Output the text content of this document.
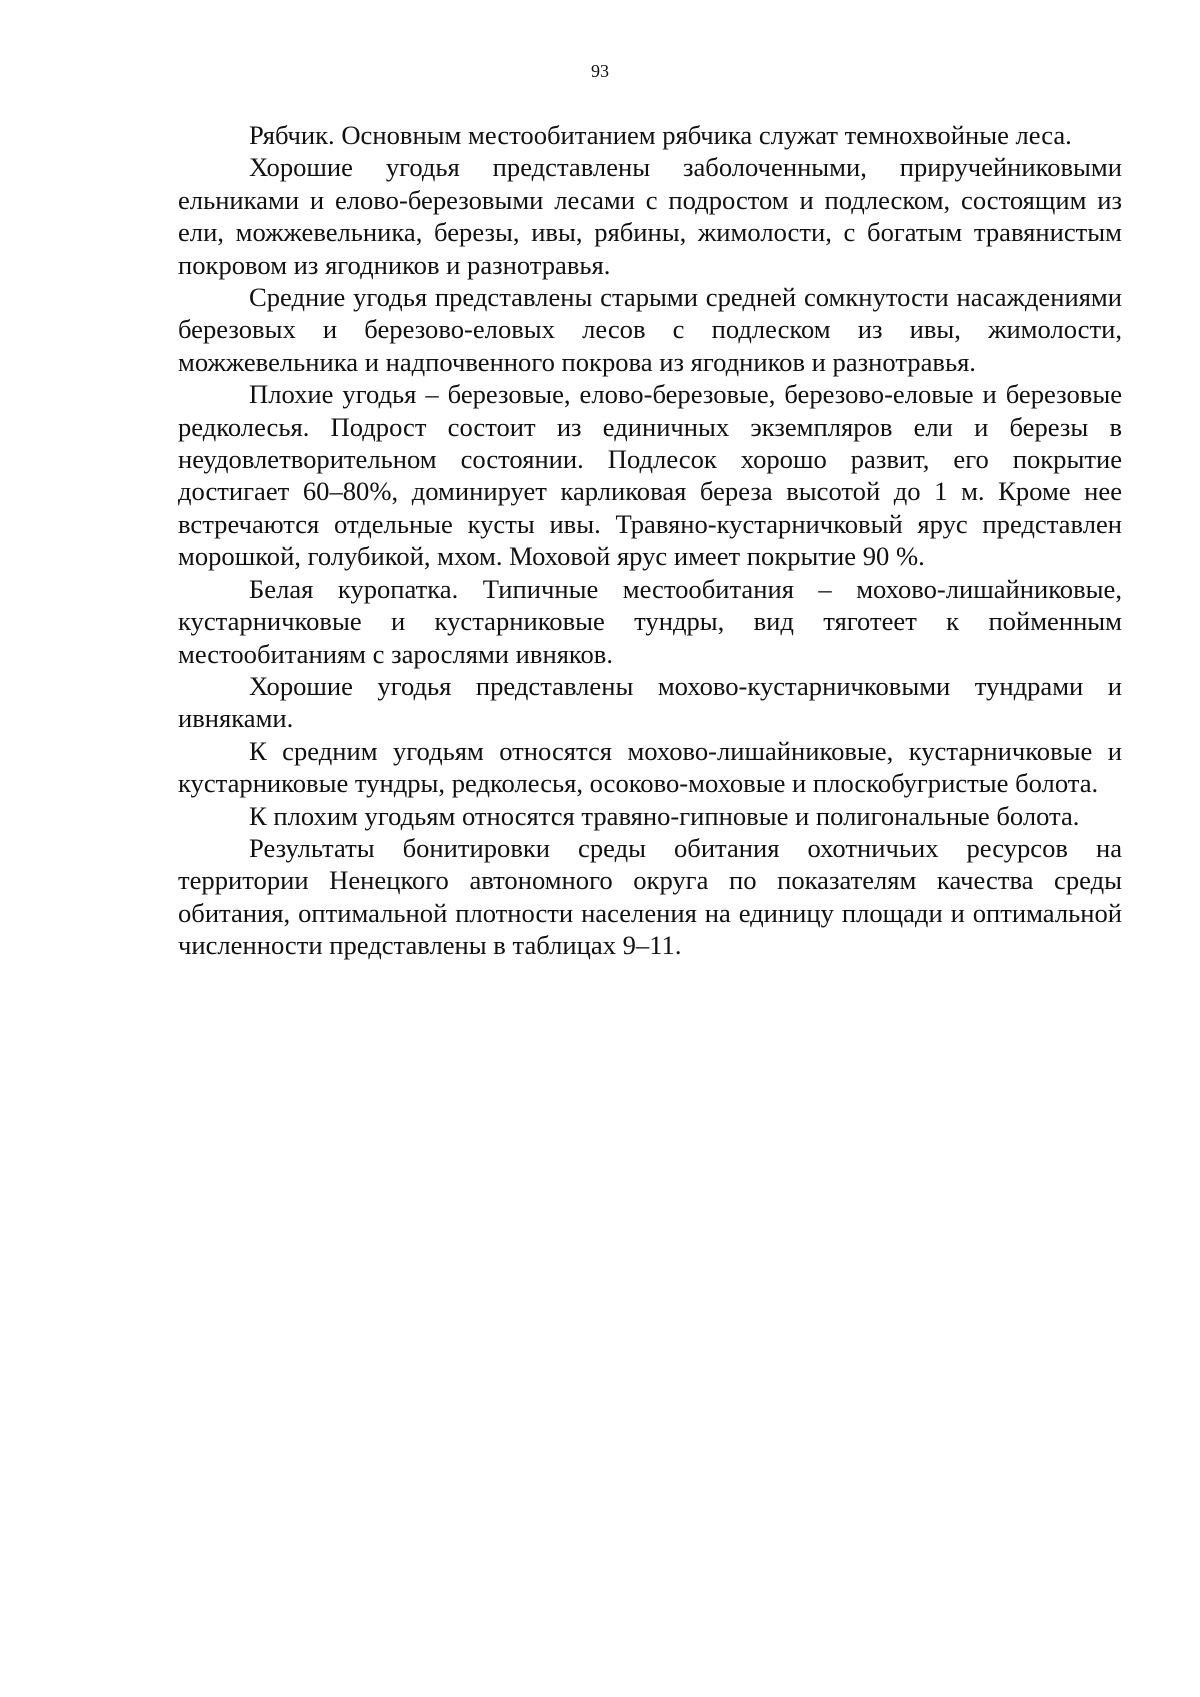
93

Рябчик. Основным местообитанием рябчика служат темнохвойные леса.

Хорошие угодья представлены заболоченными, приручейниковыми ельниками и елово-березовыми лесами с подростом и подлеском, состоящим из ели, можжевельника, березы, ивы, рябины, жимолости, с богатым травянистым покровом из ягодников и разнотравья.

Средние угодья представлены старыми средней сомкнутости насаждениями березовых и березово-еловых лесов с подлеском из ивы, жимолости, можжевельника и надпочвенного покрова из ягодников и разнотравья.

Плохие угодья – березовые, елово-березовые, березово-еловые и березовые редколесья. Подрост состоит из единичных экземпляров ели и березы в неудовлетворительном состоянии. Подлесок хорошо развит, его покрытие достигает 60–80%, доминирует карликовая береза высотой до 1 м. Кроме нее встречаются отдельные кусты ивы. Травяно-кустарничковый ярус представлен морошкой, голубикой, мхом. Моховой ярус имеет покрытие 90 %.

Белая куропатка. Типичные местообитания – мохово-лишайниковые, кустарничковые и кустарниковые тундры, вид тяготеет к пойменным местообитаниям с зарослями ивняков.

Хорошие угодья представлены мохово-кустарничковыми тундрами и ивняками.

К средним угодьям относятся мохово-лишайниковые, кустарничковые и кустарниковые тундры, редколесья, осоково-моховые и плоскобугристые болота.

К плохим угодьям относятся травяно-гипновые и полигональные болота.

Результаты бонитировки среды обитания охотничьих ресурсов на территории Ненецкого автономного округа по показателям качества среды обитания, оптимальной плотности населения на единицу площади и оптимальной численности представлены в таблицах 9–11.
